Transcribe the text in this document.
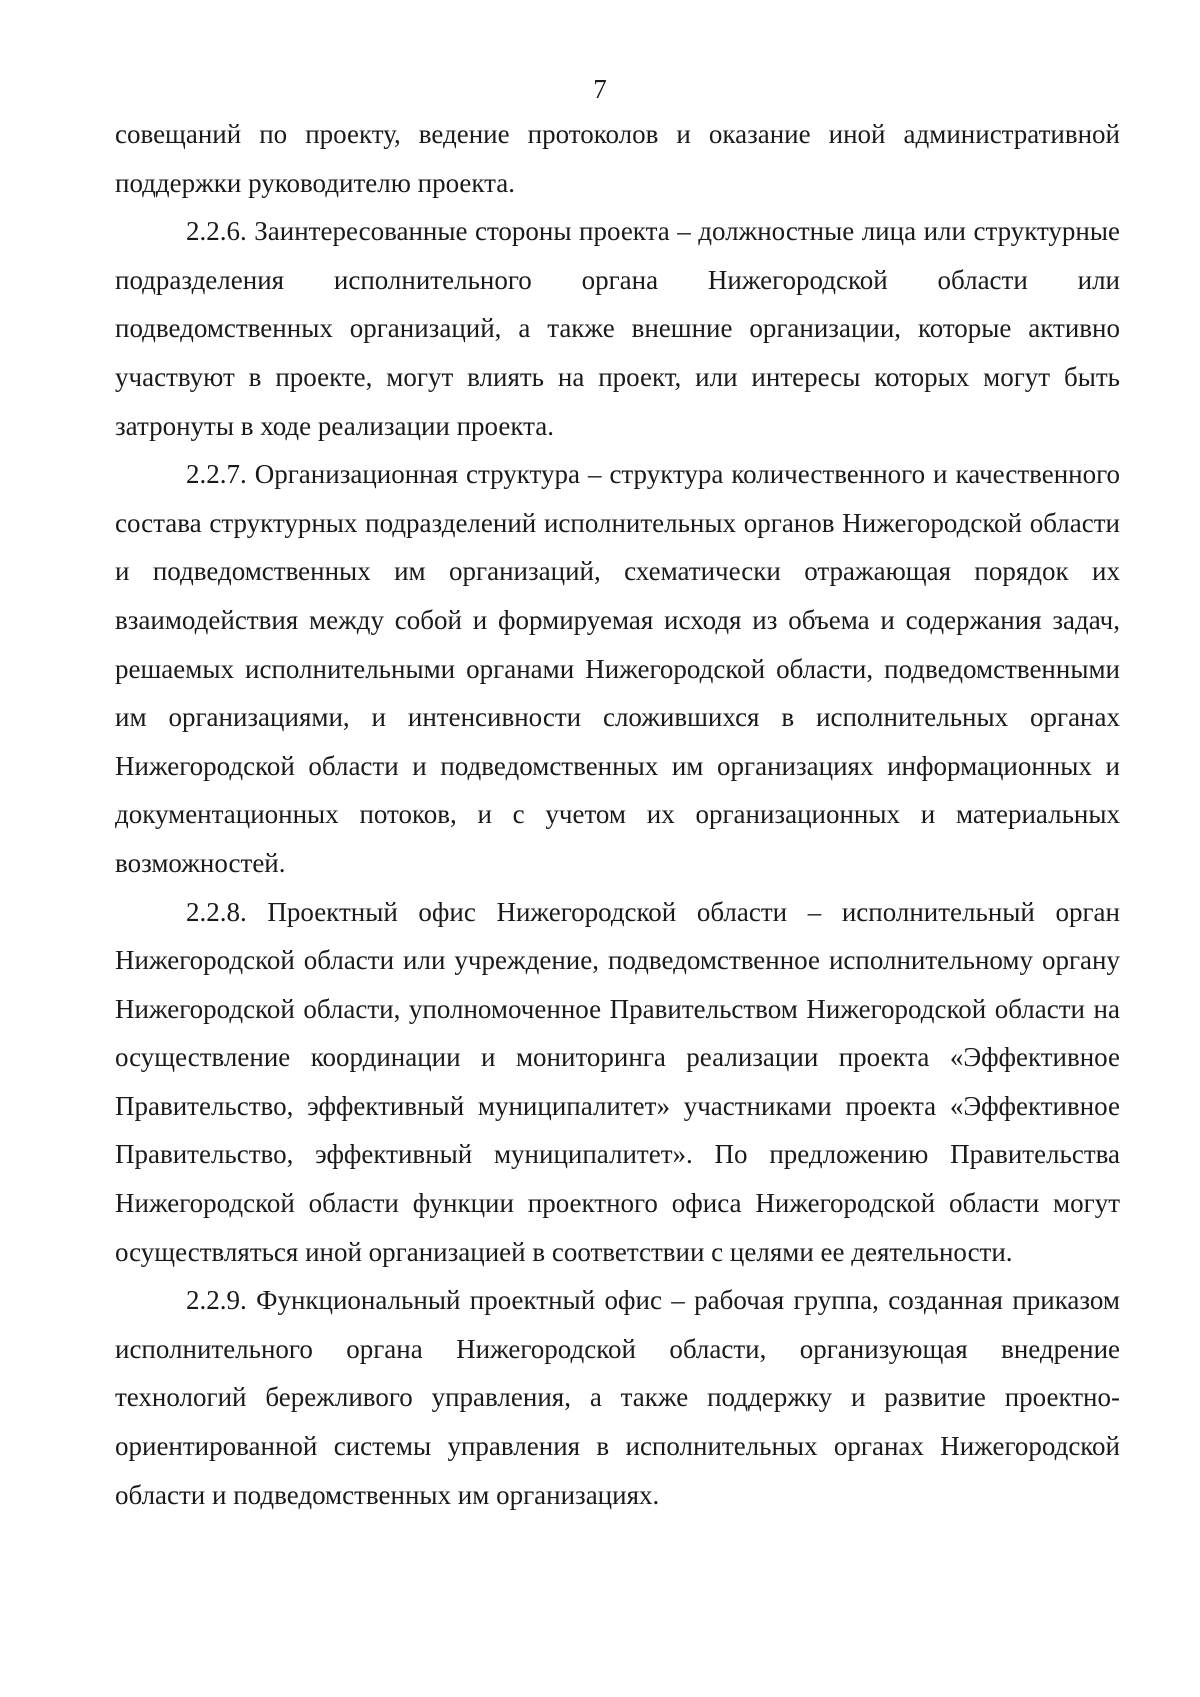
7

совещаний по проекту, ведение протоколов и оказание иной административной поддержки руководителю проекта.

2.2.6. Заинтересованные стороны проекта – должностные лица или структурные подразделения исполнительного органа Нижегородской области или подведомственных организаций, а также внешние организации, которые активно участвуют в проекте, могут влиять на проект, или интересы которых могут быть затронуты в ходе реализации проекта.

2.2.7. Организационная структура – структура количественного и качественного состава структурных подразделений исполнительных органов Нижегородской области и подведомственных им организаций, схематически отражающая порядок их взаимодействия между собой и формируемая исходя из объема и содержания задач, решаемых исполнительными органами Нижегородской области, подведомственными им организациями, и интенсивности сложившихся в исполнительных органах Нижегородской области и подведомственных им организациях информационных и документационных потоков, и с учетом их организационных и материальных возможностей.

2.2.8. Проектный офис Нижегородской области – исполнительный орган Нижегородской области или учреждение, подведомственное исполнительному органу Нижегородской области, уполномоченное Правительством Нижегородской области на осуществление координации и мониторинга реализации проекта «Эффективное Правительство, эффективный муниципалитет» участниками проекта «Эффективное Правительство, эффективный муниципалитет». По предложению Правительства Нижегородской области функции проектного офиса Нижегородской области могут осуществляться иной организацией в соответствии с целями ее деятельности.

2.2.9. Функциональный проектный офис – рабочая группа, созданная приказом исполнительного органа Нижегородской области, организующая внедрение технологий бережливого управления, а также поддержку и развитие проектно-ориентированной системы управления в исполнительных органах Нижегородской области и подведомственных им организациях.
